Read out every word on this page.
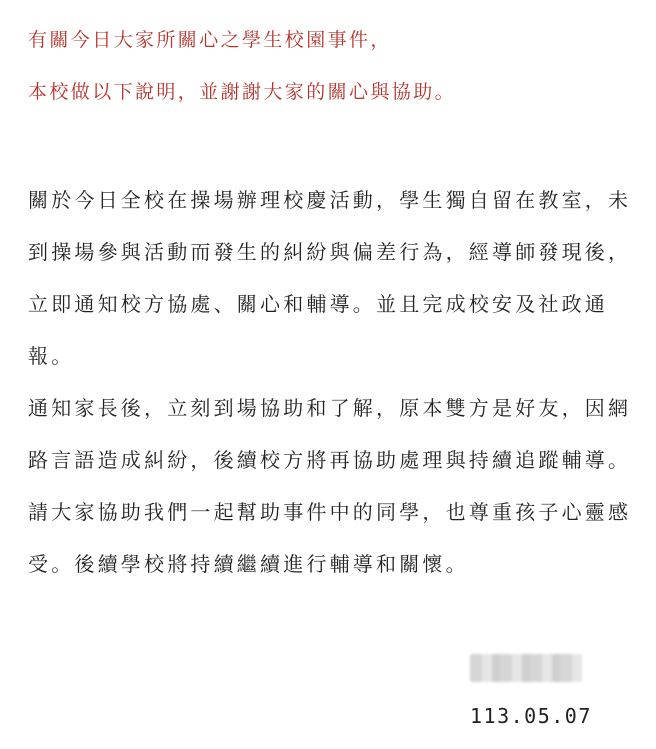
有關今日大家所關心之學生校園事件，
本校做以下說明，並謝謝大家的關心與協助。

關於今日全校在操場辦理校慶活動，學生獨自留在教室，未到操場參與活動而發生的糾紛與偏差行為，經導師發現後，立即通知校方協處、關心和輔導。並且完成校安及社政通報。

通知家長後，立刻到場協助和了解，原本雙方是好友，因網路言語造成糾紛，後續校方將再協助處理與持續追蹤輔導。

請大家協助我們一起幫助事件中的同學，也尊重孩子心靈感受。後續學校將持續繼續進行輔導和關懷。

113.05.07
